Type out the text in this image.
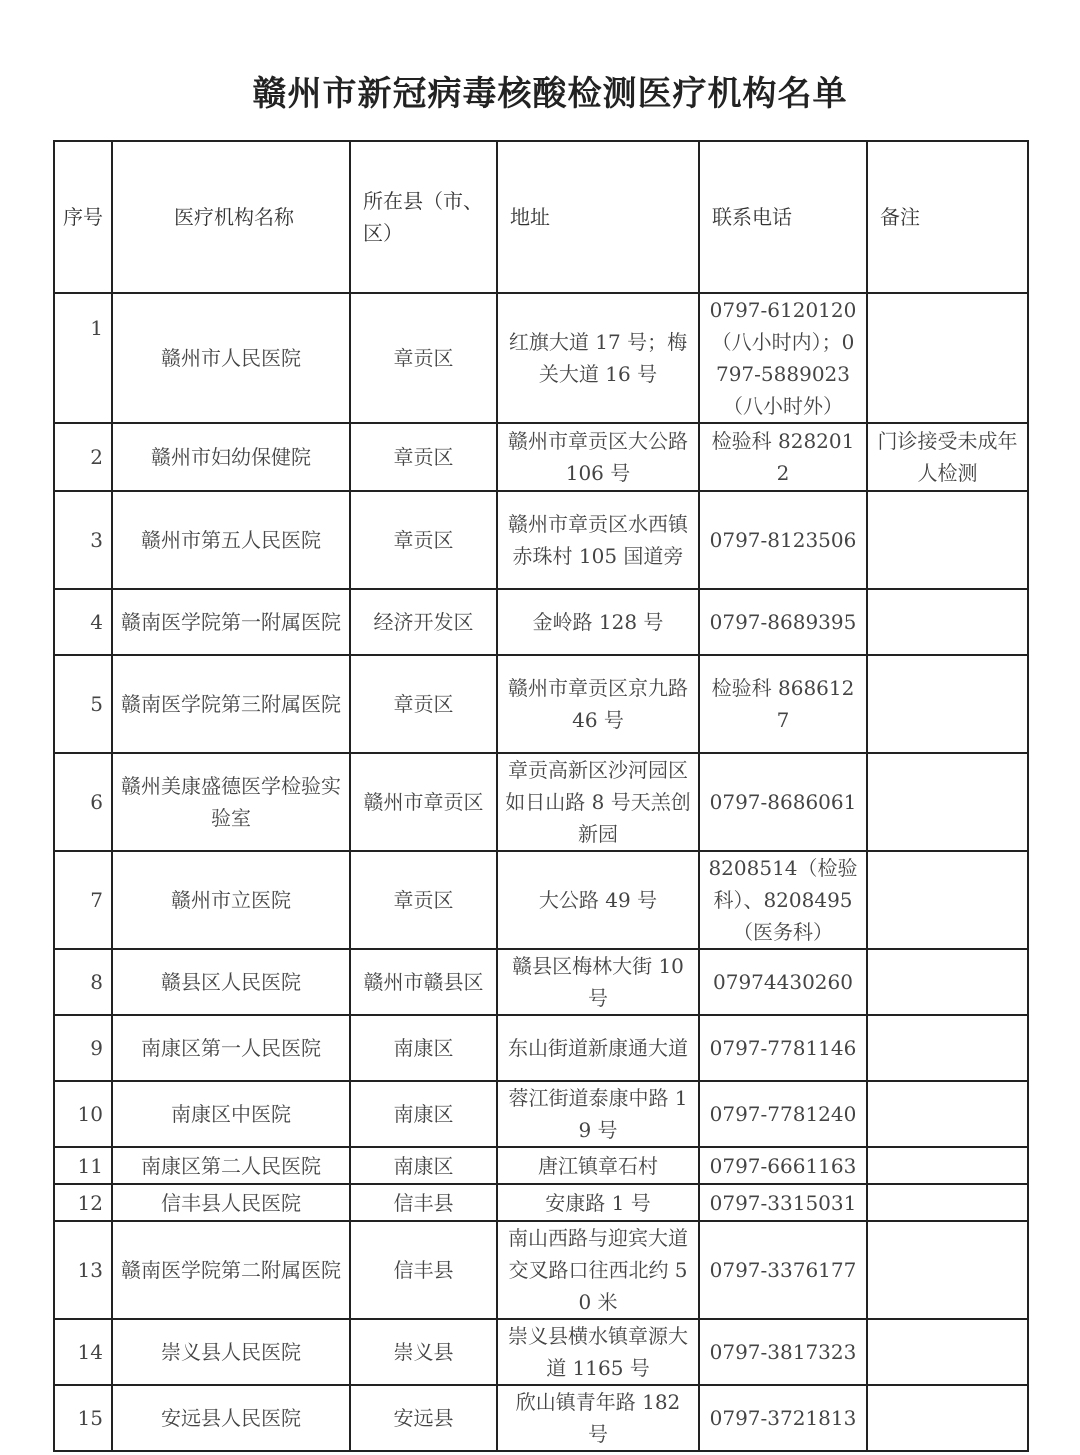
赣州市新冠病毒核酸检测医疗机构名单
序号	医疗机构名称	所在县（市、区）	地址	联系电话	备注
1	赣州市人民医院	章贡区	红旗大道 17 号；梅关大道 16 号	0797-6120120（八小时内）；0797-5889023（八小时外）	
2	赣州市妇幼保健院	章贡区	赣州市章贡区大公路 106 号	检验科 8282012	门诊接受未成年人检测
3	赣州市第五人民医院	章贡区	赣州市章贡区水西镇赤珠村 105 国道旁	0797-8123506	
4	赣南医学院第一附属医院	经济开发区	金岭路 128 号	0797-8689395	
5	赣南医学院第三附属医院	章贡区	赣州市章贡区京九路 46 号	检验科 8686127	
6	赣州美康盛德医学检验实验室	赣州市章贡区	章贡高新区沙河园区如日山路 8 号天羔创新园	0797-8686061	
7	赣州市立医院	章贡区	大公路 49 号	8208514（检验科）、8208495（医务科）	
8	赣县区人民医院	赣州市赣县区	赣县区梅林大街 10 号	07974430260	
9	南康区第一人民医院	南康区	东山街道新康通大道	0797-7781146	
10	南康区中医院	南康区	蓉江街道泰康中路 19 号	0797-7781240	
11	南康区第二人民医院	南康区	唐江镇章石村	0797-6661163	
12	信丰县人民医院	信丰县	安康路 1 号	0797-3315031	
13	赣南医学院第二附属医院	信丰县	南山西路与迎宾大道交叉路口往西北约 50 米	0797-3376177	
14	崇义县人民医院	崇义县	崇义县横水镇章源大道 1165 号	0797-3817323	
15	安远县人民医院	安远县	欣山镇青年路 182 号	0797-3721813	
